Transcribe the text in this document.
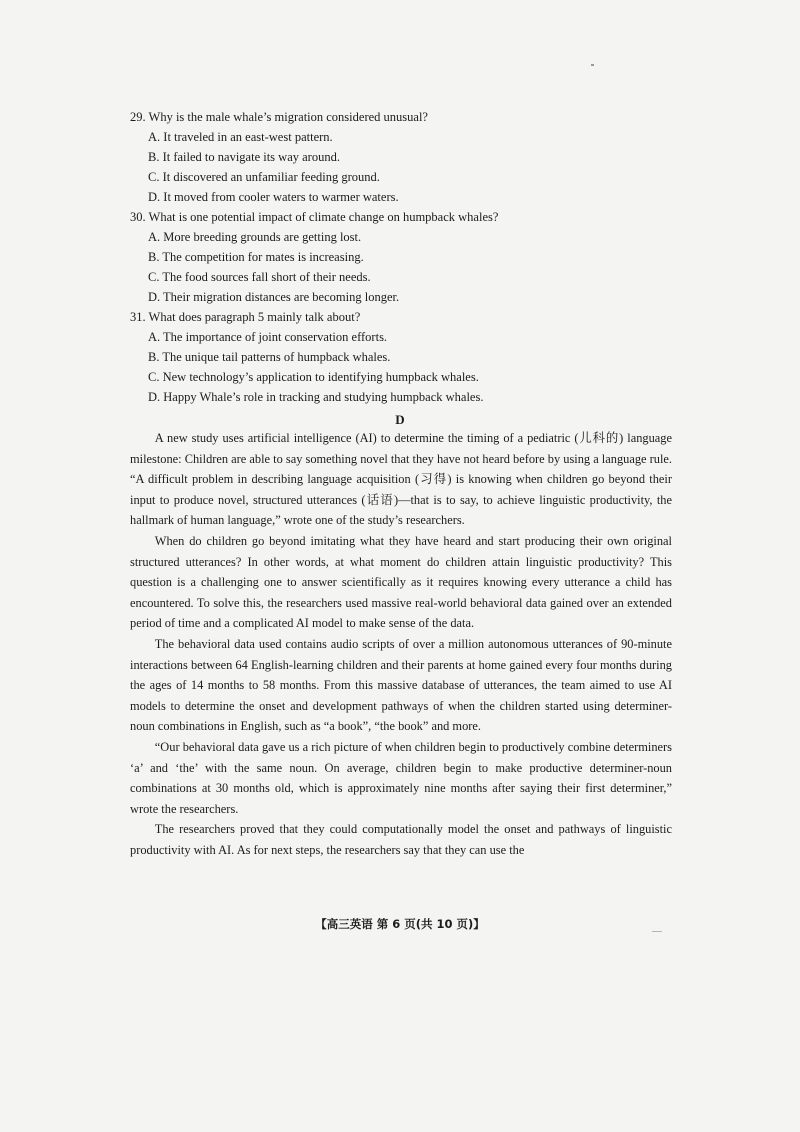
29. Why is the male whale’s migration considered unusual?
A. It traveled in an east-west pattern.
B. It failed to navigate its way around.
C. It discovered an unfamiliar feeding ground.
D. It moved from cooler waters to warmer waters.
30. What is one potential impact of climate change on humpback whales?
A. More breeding grounds are getting lost.
B. The competition for mates is increasing.
C. The food sources fall short of their needs.
D. Their migration distances are becoming longer.
31. What does paragraph 5 mainly talk about?
A. The importance of joint conservation efforts.
B. The unique tail patterns of humpback whales.
C. New technology’s application to identifying humpback whales.
D. Happy Whale’s role in tracking and studying humpback whales.
D

A new study uses artificial intelligence (AI) to determine the timing of a pediatric (儿科的) language milestone: Children are able to say something novel that they have not heard before by using a language rule. “A difficult problem in describing language acquisition (习得) is knowing when children go beyond their input to produce novel, structured utterances (话语)—that is to say, to achieve linguistic productivity, the hallmark of human language,” wrote one of the study’s researchers.

When do children go beyond imitating what they have heard and start producing their own original structured utterances? In other words, at what moment do children attain linguistic productivity? This question is a challenging one to answer scientifically as it requires knowing every utterance a child has encountered. To solve this, the researchers used massive real-world behavioral data gained over an extended period of time and a complicated AI model to make sense of the data.

The behavioral data used contains audio scripts of over a million autonomous utterances of 90-minute interactions between 64 English-learning children and their parents at home gained every four months during the ages of 14 months to 58 months. From this massive database of utterances, the team aimed to use AI models to determine the onset and development pathways of when the children started using determiner-noun combinations in English, such as “a book”, “the book” and more.

“Our behavioral data gave us a rich picture of when children begin to productively combine determiners ‘a’ and ‘the’ with the same noun. On average, children begin to make productive determiner-noun combinations at 30 months old, which is approximately nine months after saying their first determiner,” wrote the researchers.

The researchers proved that they could computationally model the onset and pathways of linguistic productivity with AI. As for next steps, the researchers say that they can use the

【高三英语 第 6 页(共 10 页)】
